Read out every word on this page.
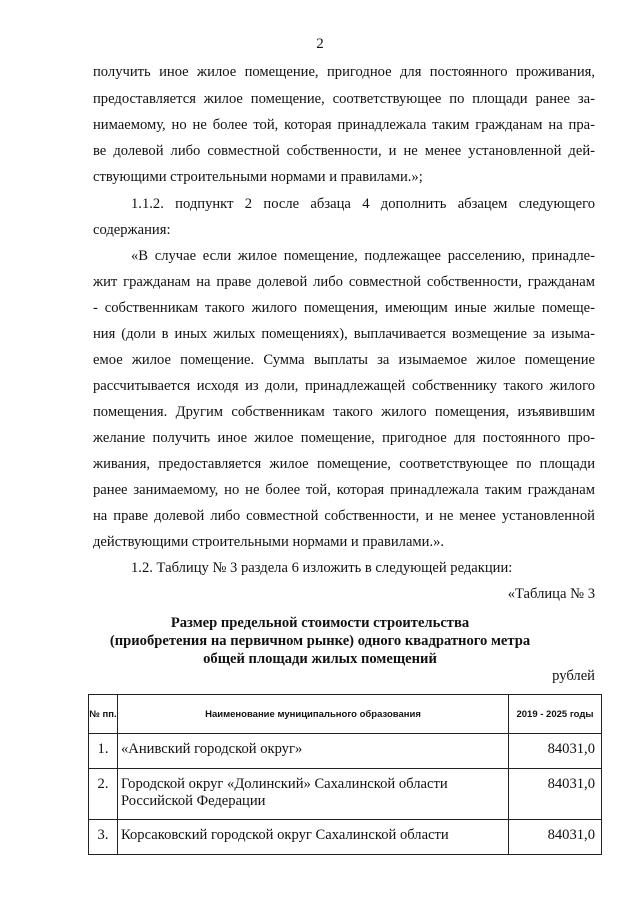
2
получить иное жилое помещение, пригодное для постоянного проживания,
предоставляется жилое помещение, соответствующее по площади ранее за-
нимаемому, но не более той, которая принадлежала таким гражданам на пра-
ве долевой либо совместной собственности, и не менее установленной дей-
ствующими строительными нормами и правилами.»;
1.1.2. подпункт 2 после абзаца 4 дополнить абзацем следующего
содержания:
«В случае если жилое помещение, подлежащее расселению, принадле-
жит гражданам на праве долевой либо совместной собственности, гражданам
- собственникам такого жилого помещения, имеющим иные жилые помеще-
ния (доли в иных жилых помещениях), выплачивается возмещение за изыма-
емое жилое помещение. Сумма выплаты за изымаемое жилое помещение
рассчитывается исходя из доли, принадлежащей собственнику такого жилого
помещения. Другим собственникам такого жилого помещения, изъявившим
желание получить иное жилое помещение, пригодное для постоянного про-
живания, предоставляется жилое помещение, соответствующее по площади
ранее занимаемому, но не более той, которая принадлежала таким гражданам
на праве долевой либо совместной собственности, и не менее установленной
действующими строительными нормами и правилами.».
1.2. Таблицу № 3 раздела 6 изложить в следующей редакции:
«Таблица № 3
Размер предельной стоимости строительства
(приобретения на первичном рынке) одного квадратного метра
общей площади жилых помещений
рублей
№ пп.	Наименование муниципального образования	2019 - 2025 годы
1.	«Анивский городской округ»	84031,0
2.	Городской округ «Долинский» Сахалинской области Российской Федерации	84031,0
3.	Корсаковский городской округ Сахалинской области	84031,0
